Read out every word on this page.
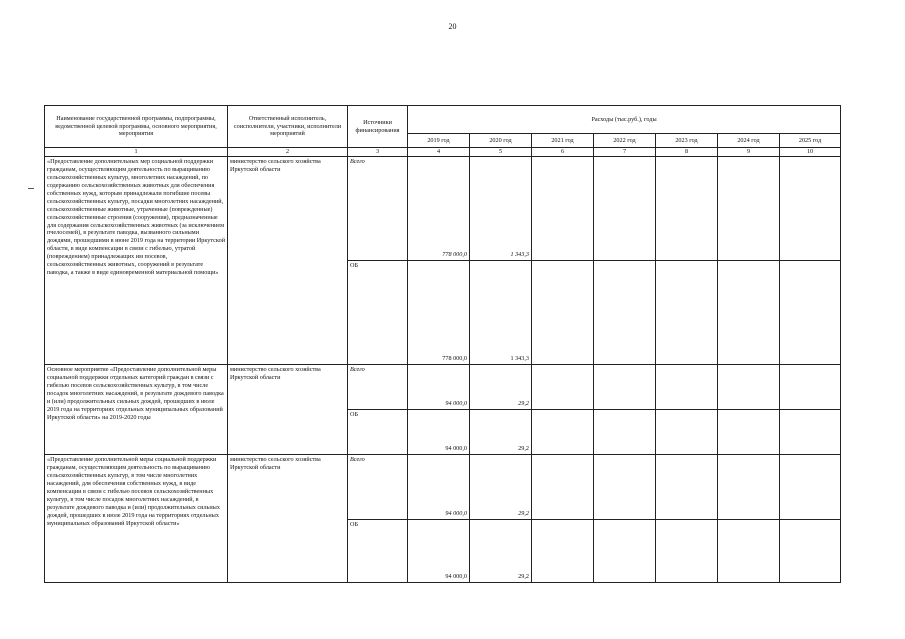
20
Наименование государственной программы, подпрограммы, ведомственной целевой программы, основного мероприятия, мероприятия	Ответственный исполнитель, соисполнители, участники, исполнители мероприятий	Источники финансирования	Расходы (тыс.руб.), годы						
			2019 год	2020 год	2021 год	2022 год	2023 год	2024 год	2025 год
1	2	3	4	5	6	7	8	9	10
«Предоставление дополнительных мер социальной поддержки гражданам, осуществляющим деятельность по выращиванию сельскохозяйственных культур, многолетних насаждений, по содержанию сельскохозяйственных животных для обеспечения собственных нужд, которым принадлежали погибшие посевы сельскохозяйственных культур, посадки многолетних насаждений, сельскохозяйственные животные, утраченные (поврежденные) сельскохозяйственные строения (сооружения), предназначенные для содержания сельскохозяйственных животных (за исключением пчелосемей), в результате паводка, вызванного сильными дождями, прошедшими в июне 2019 года на территории Иркутской области, в виде компенсации в связи с гибелью, утратой (повреждением) принадлежащих им посевов, сельскохозяйственных животных, сооружений в результате паводка, а также в виде единовременной материальной помощи»	министерство сельского хозяйства Иркутской области	Всего	778 000,0	1 343,3					
		ОБ	778 000,0	1 343,3					
Основное мероприятие «Предоставление дополнительной меры социальной поддержки отдельных категорий граждан в связи с гибелью посевов сельскохозяйственных культур, в том числе посадок многолетних насаждений, в результате дождевого паводка и (или) продолжительных сильных дождей, прошедших в июле 2019 года на территориях отдельных муниципальных образований Иркутской области» на 2019-2020 годы	министерство сельского хозяйства Иркутской области	Всего	94 000,0	29,2					
		ОБ	94 000,0	29,2					
«Предоставление дополнительной меры социальной поддержки гражданам, осуществляющим деятельность по выращиванию сельскохозяйственных культур, в том числе многолетних насаждений, для обеспечения собственных нужд, в виде компенсации в связи с гибелью посевов сельскохозяйственных культур, в том числе посадок многолетних насаждений, в результате дождевого паводка и (или) продолжительных сильных дождей, прошедших в июле 2019 года на территориях отдельных муниципальных образований Иркутской области»	министерство сельского хозяйства Иркутской области	Всего	94 000,0	29,2					
		ОБ	94 000,0	29,2					
